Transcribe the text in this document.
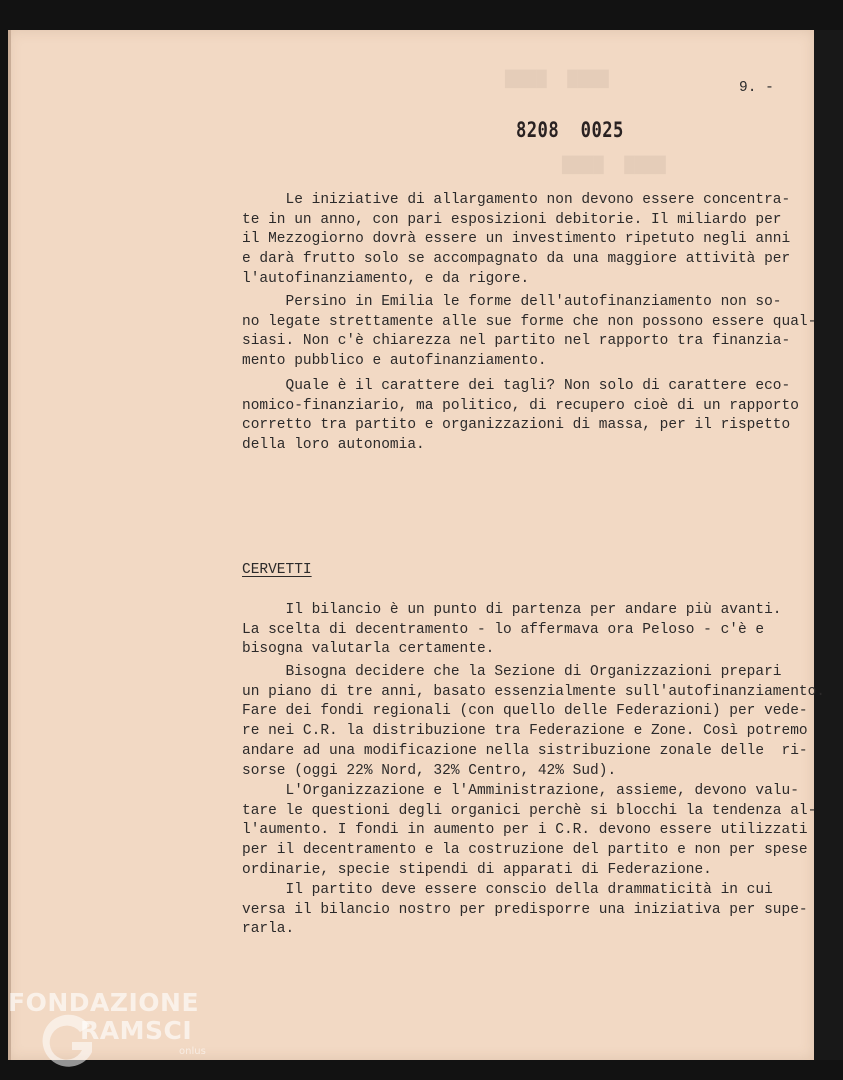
▆▆▆▆  ▆▆▆▆
▆▆▆▆  ▆▆▆▆

9. -

8208  0025

Le iniziative di allargamento non devono essere concentra-
te in un anno, con pari esposizioni debitorie. Il miliardo per
il Mezzogiorno dovrà essere un investimento ripetuto negli anni
e darà frutto solo se accompagnato da una maggiore attività per
l'autofinanziamento, e da rigore.

Persino in Emilia le forme dell'autofinanziamento non so-
no legate strettamente alle sue forme che non possono essere qual-
siasi. Non c'è chiarezza nel partito nel rapporto tra finanzia-
mento pubblico e autofinanziamento.

Quale è il carattere dei tagli? Non solo di carattere eco-
nomico-finanziario, ma politico, di recupero cioè di un rapporto
corretto tra partito e organizzazioni di massa, per il rispetto
della loro autonomia.

CERVETTI

Il bilancio è un punto di partenza per andare più avanti.
La scelta di decentramento - lo affermava ora Peloso - c'è e
bisogna valutarla certamente.

Bisogna decidere che la Sezione di Organizzazioni prepari
un piano di tre anni, basato essenzialmente sull'autofinanziamento.
Fare dei fondi regionali (con quello delle Federazioni) per vede-
re nei C.R. la distribuzione tra Federazione e Zone. Così potremo
andare ad una modificazione nella sistribuzione zonale delle  ri-
sorse (oggi 22% Nord, 32% Centro, 42% Sud).

L'Organizzazione e l'Amministrazione, assieme, devono valu-
tare le questioni degli organici perchè si blocchi la tendenza al-
l'aumento. I fondi in aumento per i C.R. devono essere utilizzati
per il decentramento e la costruzione del partito e non per spese
ordinarie, specie stipendi di apparati di Federazione.

Il partito deve essere conscio della drammaticità in cui
versa il bilancio nostro per predisporre una iniziativa per supe-
rarla.

FONDAZIONE

RAMSCI

onlus
